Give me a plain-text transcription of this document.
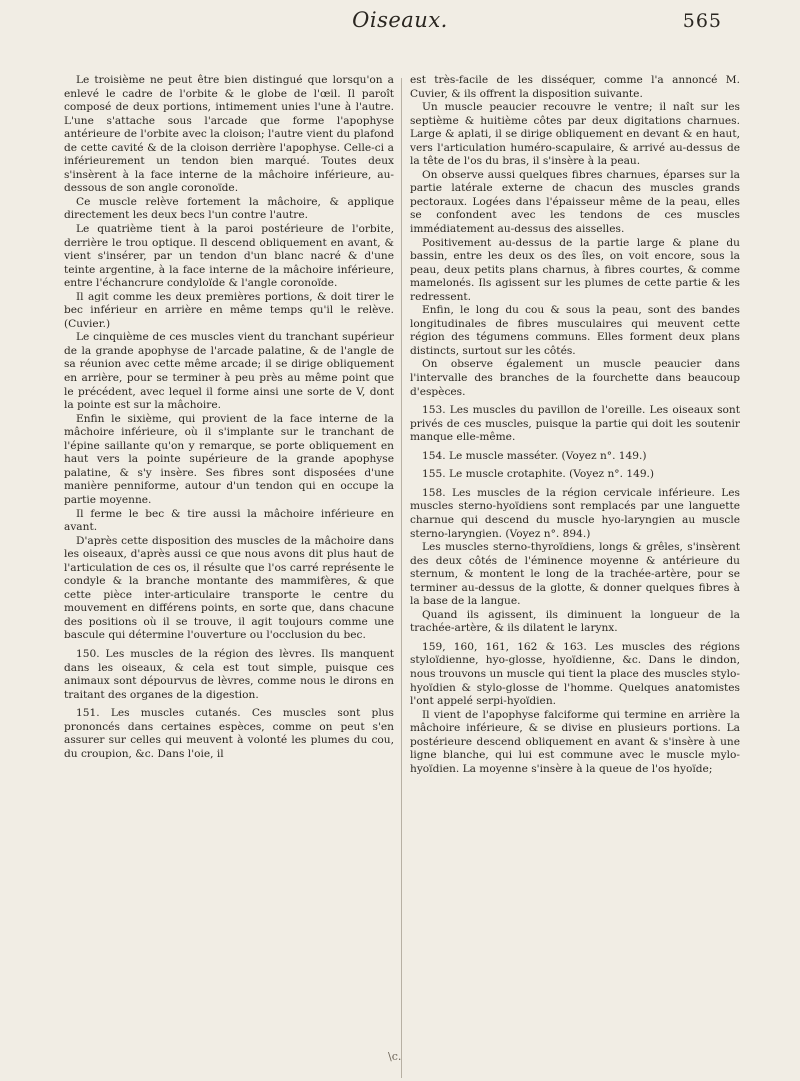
Oiseaux.	565

Le troisième ne peut être bien distingué que lorsqu'on a enlevé le cadre de l'orbite & le globe de l'œil. Il paroît composé de deux portions, intimement unies l'une à l'autre. L'une s'attache sous l'arcade que forme l'apophyse antérieure de l'orbite avec la cloison; l'autre vient du plafond de cette cavité & de la cloison derrière l'apophyse. Celle-ci a inférieurement un tendon bien marqué. Toutes deux s'insèrent à la face interne de la mâchoire inférieure, au-dessous de son angle coronoïde.

Ce muscle relève fortement la mâchoire, & applique directement les deux becs l'un contre l'autre.

Le quatrième tient à la paroi postérieure de l'orbite, derrière le trou optique. Il descend obliquement en avant, & vient s'insérer, par un tendon d'un blanc nacré & d'une teinte argentine, à la face interne de la mâchoire inférieure, entre l'échancrure condyloïde & l'angle coronoïde.

Il agit comme les deux premières portions, & doit tirer le bec inférieur en arrière en même temps qu'il le relève. (Cuvier.)

Le cinquième de ces muscles vient du tranchant supérieur de la grande apophyse de l'arcade palatine, & de l'angle de sa réunion avec cette même arcade; il se dirige obliquement en arrière, pour se terminer à peu près au même point que le précédent, avec lequel il forme ainsi une sorte de V, dont la pointe est sur la mâchoire.

Enfin le sixième, qui provient de la face interne de la mâchoire inférieure, où il s'implante sur le tranchant de l'épine saillante qu'on y remarque, se porte obliquement en haut vers la pointe supérieure de la grande apophyse palatine, & s'y insère. Ses fibres sont disposées d'une manière penniforme, autour d'un tendon qui en occupe la partie moyenne.

Il ferme le bec & tire aussi la mâchoire inférieure en avant.

D'après cette disposition des muscles de la mâchoire dans les oiseaux, d'après aussi ce que nous avons dit plus haut de l'articulation de ces os, il résulte que l'os carré représente le condyle & la branche montante des mammifères, & que cette pièce inter-articulaire transporte le centre du mouvement en différens points, en sorte que, dans chacune des positions où il se trouve, il agit toujours comme une bascule qui détermine l'ouverture ou l'occlusion du bec.

150. Les muscles de la région des lèvres. Ils manquent dans les oiseaux, & cela est tout simple, puisque ces animaux sont dépourvus de lèvres, comme nous le dirons en traitant des organes de la digestion.

151. Les muscles cutanés. Ces muscles sont plus prononcés dans certaines espèces, comme on peut s'en assurer sur celles qui meuvent à volonté les plumes du cou, du croupion, &c. Dans l'oie, il

est très-facile de les disséquer, comme l'a annoncé M. Cuvier, & ils offrent la disposition suivante.

Un muscle peaucier recouvre le ventre; il naît sur les septième & huitième côtes par deux digitations charnues. Large & aplati, il se dirige obliquement en devant & en haut, vers l'articulation huméro-scapulaire, & arrivé au-dessus de la tête de l'os du bras, il s'insère à la peau.

On observe aussi quelques fibres charnues, éparses sur la partie latérale externe de chacun des muscles grands pectoraux. Logées dans l'épaisseur même de la peau, elles se confondent avec les tendons de ces muscles immédiatement au-dessus des aisselles.

Positivement au-dessus de la partie large & plane du bassin, entre les deux os des îles, on voit encore, sous la peau, deux petits plans charnus, à fibres courtes, & comme mamelonés. Ils agissent sur les plumes de cette partie & les redressent.

Enfin, le long du cou & sous la peau, sont des bandes longitudinales de fibres musculaires qui meuvent cette région des tégumens communs. Elles forment deux plans distincts, surtout sur les côtés.

On observe également un muscle peaucier dans l'intervalle des branches de la fourchette dans beaucoup d'espèces.

153. Les muscles du pavillon de l'oreille. Les oiseaux sont privés de ces muscles, puisque la partie qui doit les soutenir manque elle-même.

154. Le muscle masséter. (Voyez n°. 149.)

155. Le muscle crotaphite. (Voyez n°. 149.)

158. Les muscles de la région cervicale inférieure. Les muscles sterno-hyoïdiens sont remplacés par une languette charnue qui descend du muscle hyo-laryngien au muscle sterno-laryngien. (Voyez n°. 894.)

Les muscles sterno-thyroïdiens, longs & grêles, s'insèrent des deux côtés de l'éminence moyenne & antérieure du sternum, & montent le long de la trachée-artère, pour se terminer au-dessus de la glotte, & donner quelques fibres à la base de la langue.

Quand ils agissent, ils diminuent la longueur de la trachée-artère, & ils dilatent le larynx.

159, 160, 161, 162 & 163. Les muscles des régions styloïdienne, hyo-glosse, hyoïdienne, &c. Dans le dindon, nous trouvons un muscle qui tient la place des muscles stylo-hyoïdien & stylo-glosse de l'homme. Quelques anatomistes l'ont appelé serpi-hyoïdien.

Il vient de l'apophyse falciforme qui termine en arrière la mâchoire inférieure, & se divise en plusieurs portions. La postérieure descend obliquement en avant & s'insère à une ligne blanche, qui lui est commune avec le muscle mylo-hyoïdien. La moyenne s'insère à la queue de l'os hyoïde;

\c.
